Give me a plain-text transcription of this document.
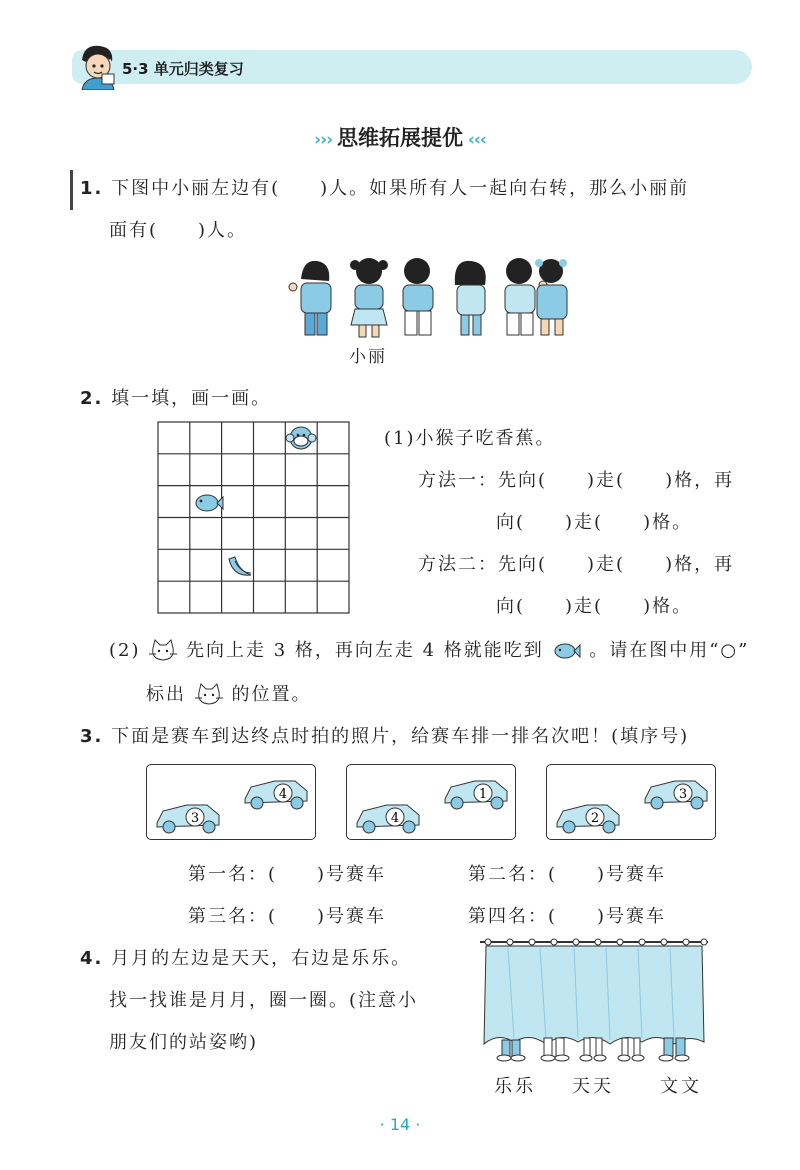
5·3 单元归类复习
››› 思维拓展提优 ‹‹‹
1. 下图中小丽左边有(　　)人。如果所有人一起向右转，那么小丽前
面有(　　)人。
小丽
2. 填一填，画一画。
(1)小猴子吃香蕉。
方法一：先向(　　)走(　　)格，再
向(　　)走(　　)格。
方法二：先向(　　)走(　　)格，再
向(　　)走(　　)格。
(2)	先向上走 3 格，再向左走 4 格就能吃到	。请在图中用“○”
标出	的位置。
3. 下面是赛车到达终点时拍的照片，给赛车排一排名次吧！(填序号)
4
3
1
4
3
2
第一名：(　　)号赛车	第二名：(　　)号赛车
第三名：(　　)号赛车	第四名：(　　)号赛车
4. 月月的左边是天天，右边是乐乐。
找一找谁是月月，圈一圈。(注意小
朋友们的站姿哟)
乐乐 天天	文文
· 14 ·
